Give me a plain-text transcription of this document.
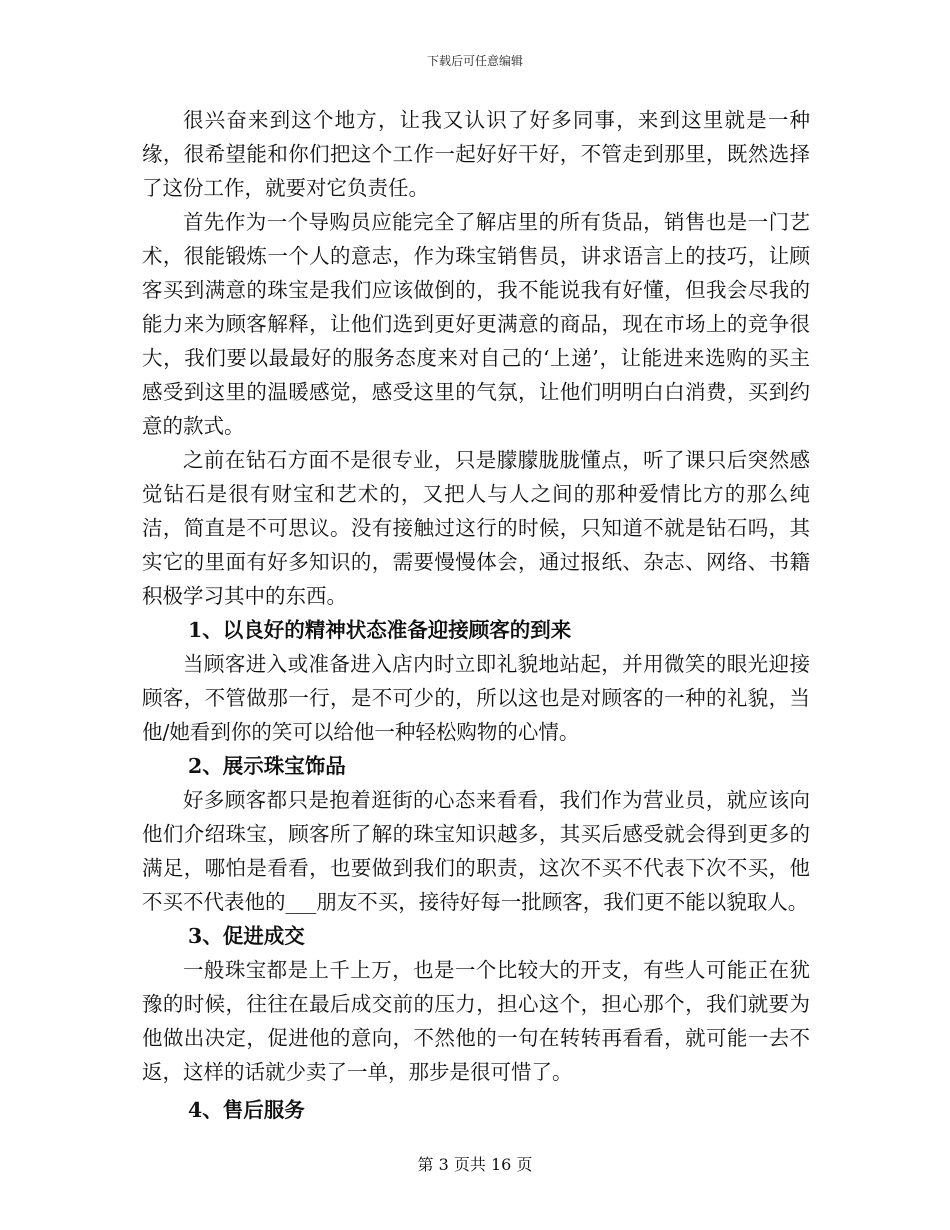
下载后可任意编辑

很兴奋来到这个地方，让我又认识了好多同事，来到这里就是一种缘，很希望能和你们把这个工作一起好好干好，不管走到那里，既然选择了这份工作，就要对它负责任。

首先作为一个导购员应能完全了解店里的所有货品，销售也是一门艺术，很能锻炼一个人的意志，作为珠宝销售员，讲求语言上的技巧，让顾客买到满意的珠宝是我们应该做倒的，我不能说我有好懂，但我会尽我的能力来为顾客解释，让他们选到更好更满意的商品，现在市场上的竞争很大，我们要以最最好的服务态度来对自己的‘上递’，让能进来选购的买主感受到这里的温暖感觉，感受这里的气氛，让他们明明白白消费，买到约意的款式。

之前在钻石方面不是很专业，只是朦朦胧胧懂点，听了课只后突然感觉钻石是很有财宝和艺术的，又把人与人之间的那种爱情比方的那么纯洁，简直是不可思议。没有接触过这行的时候，只知道不就是钻石吗，其实它的里面有好多知识的，需要慢慢体会，通过报纸、杂志、网络、书籍积极学习其中的东西。

1、以良好的精神状态准备迎接顾客的到来

当顾客进入或准备进入店内时立即礼貌地站起，并用微笑的眼光迎接顾客，不管做那一行，是不可少的，所以这也是对顾客的一种的礼貌，当他/她看到你的笑可以给他一种轻松购物的心情。

2、展示珠宝饰品

好多顾客都只是抱着逛街的心态来看看，我们作为营业员，就应该向他们介绍珠宝，顾客所了解的珠宝知识越多，其买后感受就会得到更多的满足，哪怕是看看，也要做到我们的职责，这次不买不代表下次不买，他不买不代表他的___朋友不买，接待好每一批顾客，我们更不能以貌取人。

3、促进成交

一般珠宝都是上千上万，也是一个比较大的开支，有些人可能正在犹豫的时候，往往在最后成交前的压力，担心这个，担心那个，我们就要为他做出决定，促进他的意向，不然他的一句在转转再看看，就可能一去不返，这样的话就少卖了一单，那步是很可惜了。

4、售后服务
第 3 页共 16 页
